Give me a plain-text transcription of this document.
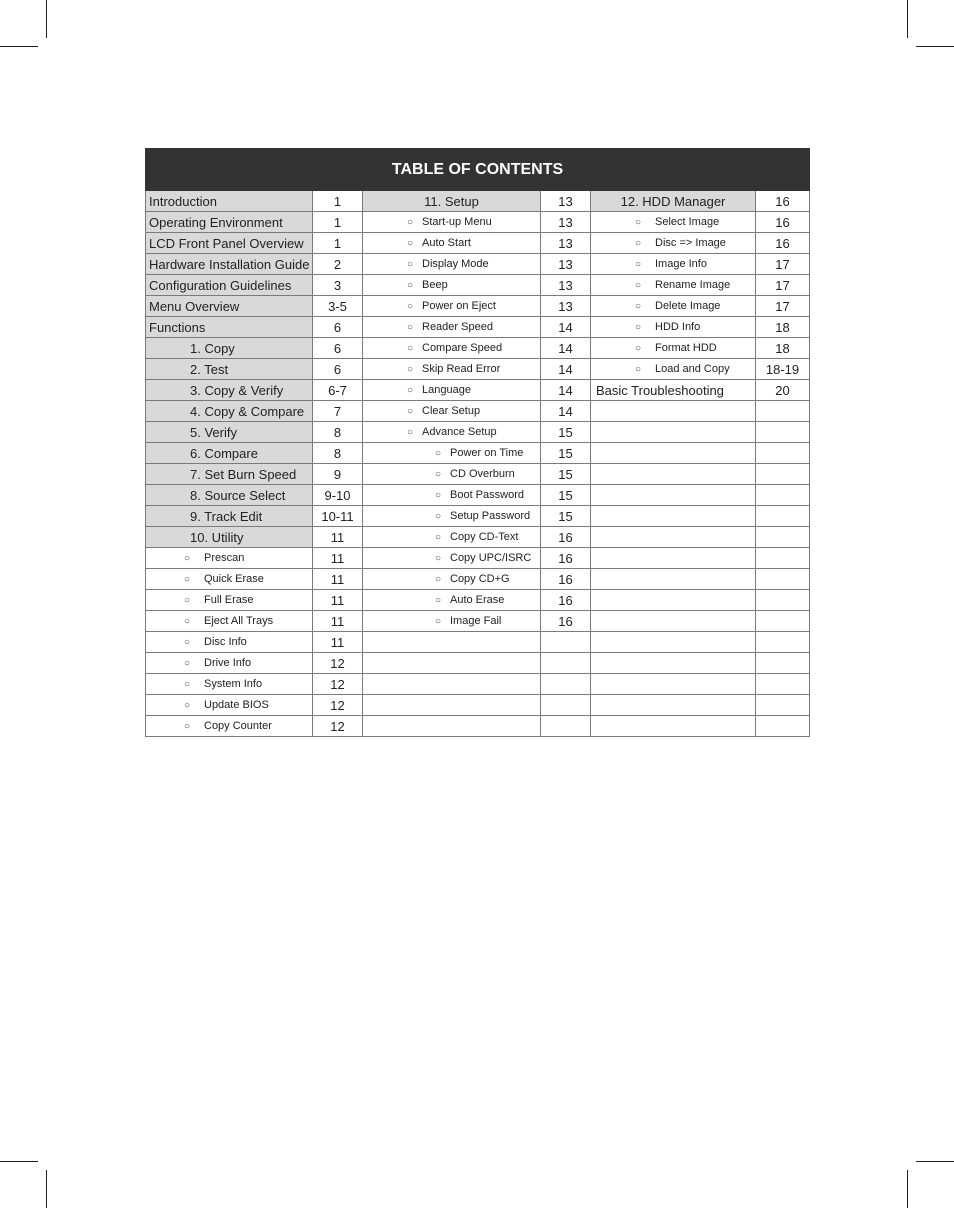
TABLE OF CONTENTS					
Introduction	1	11. Setup	13	12. HDD Manager	16
Operating Environment	1	○ Start-up Menu	13	○ Select Image	16
LCD Front Panel Overview	1	○ Auto Start	13	○ Disc => Image	16
Hardware Installation Guide	2	○ Display Mode	13	○ Image Info	17
Configuration Guidelines	3	○ Beep	13	○ Rename Image	17
Menu Overview	3-5	○ Power on Eject	13	○ Delete Image	17
Functions	6	○ Reader Speed	14	○ HDD Info	18
1. Copy	6	○ Compare Speed	14	○ Format HDD	18
2. Test	6	○ Skip Read Error	14	○ Load and Copy	18-19
3. Copy & Verify	6-7	○ Language	14	Basic Troubleshooting	20
4. Copy & Compare	7	○ Clear Setup	14		
5. Verify	8	○ Advance Setup	15		
6. Compare	8	○ Power on Time	15		
7. Set Burn Speed	9	○ CD Overburn	15		
8. Source Select	9-10	○ Boot Password	15		
9. Track Edit	10-11	○ Setup Password	15		
10. Utility	11	○ Copy CD-Text	16		
○ Prescan	11	○ Copy UPC/ISRC	16		
○ Quick Erase	11	○ Copy CD+G	16		
○ Full Erase	11	○ Auto Erase	16		
○ Eject All Trays	11	○ Image Fail	16		
○ Disc Info	11				
○ Drive Info	12				
○ System Info	12				
○ Update BIOS	12				
○ Copy Counter	12				
